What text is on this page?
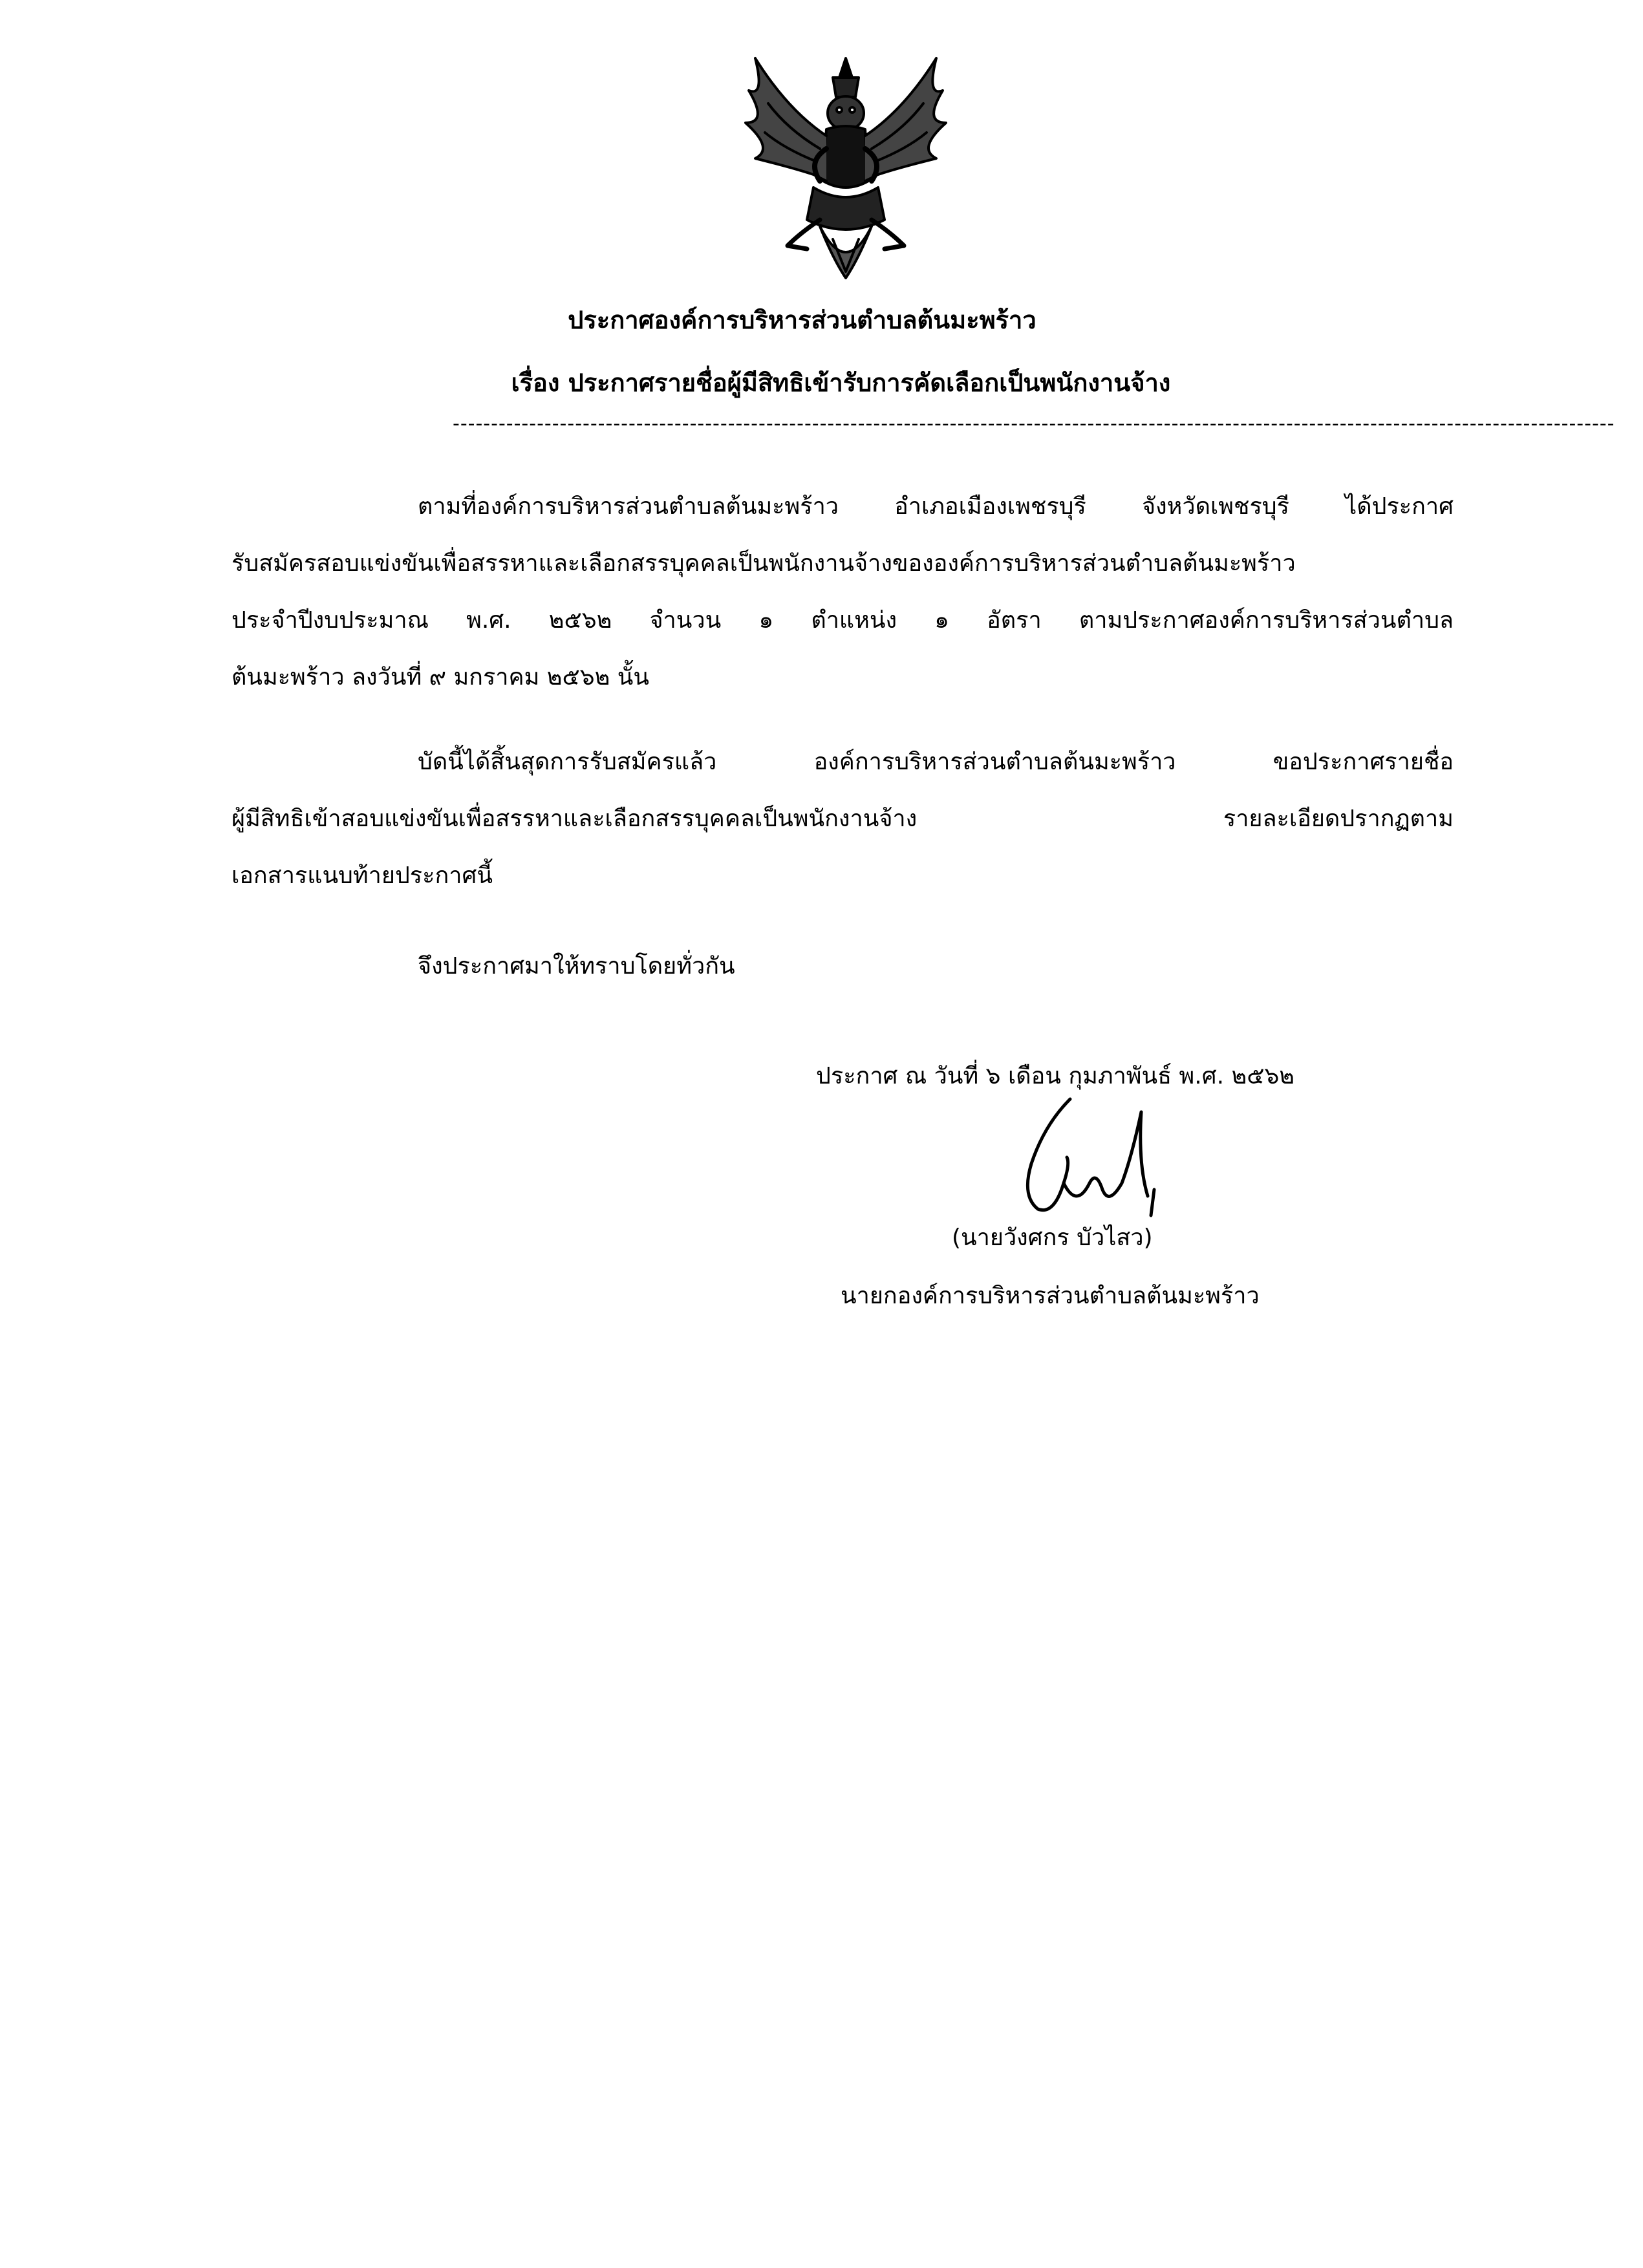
ประกาศองค์การบริหารส่วนตำบลต้นมะพร้าว
เรื่อง ประกาศรายชื่อผู้มีสิทธิเข้ารับการคัดเลือกเป็นพนักงานจ้าง
--------------------------------------------------------------------------------------------------------------------------------------------------------
ตามที่องค์การบริหารส่วนตำบลต้นมะพร้าว อำเภอเมืองเพชรบุรี จังหวัดเพชรบุรี ได้ประกาศ
รับสมัครสอบแข่งขันเพื่อสรรหาและเลือกสรรบุคคลเป็นพนักงานจ้างขององค์การบริหารส่วนตำบลต้นมะพร้าว
ประจำปีงบประมาณ พ.ศ. ๒๕๖๒ จำนวน ๑ ตำแหน่ง ๑ อัตรา ตามประกาศองค์การบริหารส่วนตำบล
ต้นมะพร้าว ลงวันที่ ๙ มกราคม ๒๕๖๒ นั้น
บัดนี้ได้สิ้นสุดการรับสมัครแล้ว องค์การบริหารส่วนตำบลต้นมะพร้าว ขอประกาศรายชื่อ
ผู้มีสิทธิเข้าสอบแข่งขันเพื่อสรรหาและเลือกสรรบุคคลเป็นพนักงานจ้าง รายละเอียดปรากฏตาม
เอกสารแนบท้ายประกาศนี้
จึงประกาศมาให้ทราบโดยทั่วกัน
ประกาศ ณ วันที่ ๖ เดือน กุมภาพันธ์ พ.ศ. ๒๕๖๒
(นายวังศกร บัวไสว)
นายกองค์การบริหารส่วนตำบลต้นมะพร้าว
